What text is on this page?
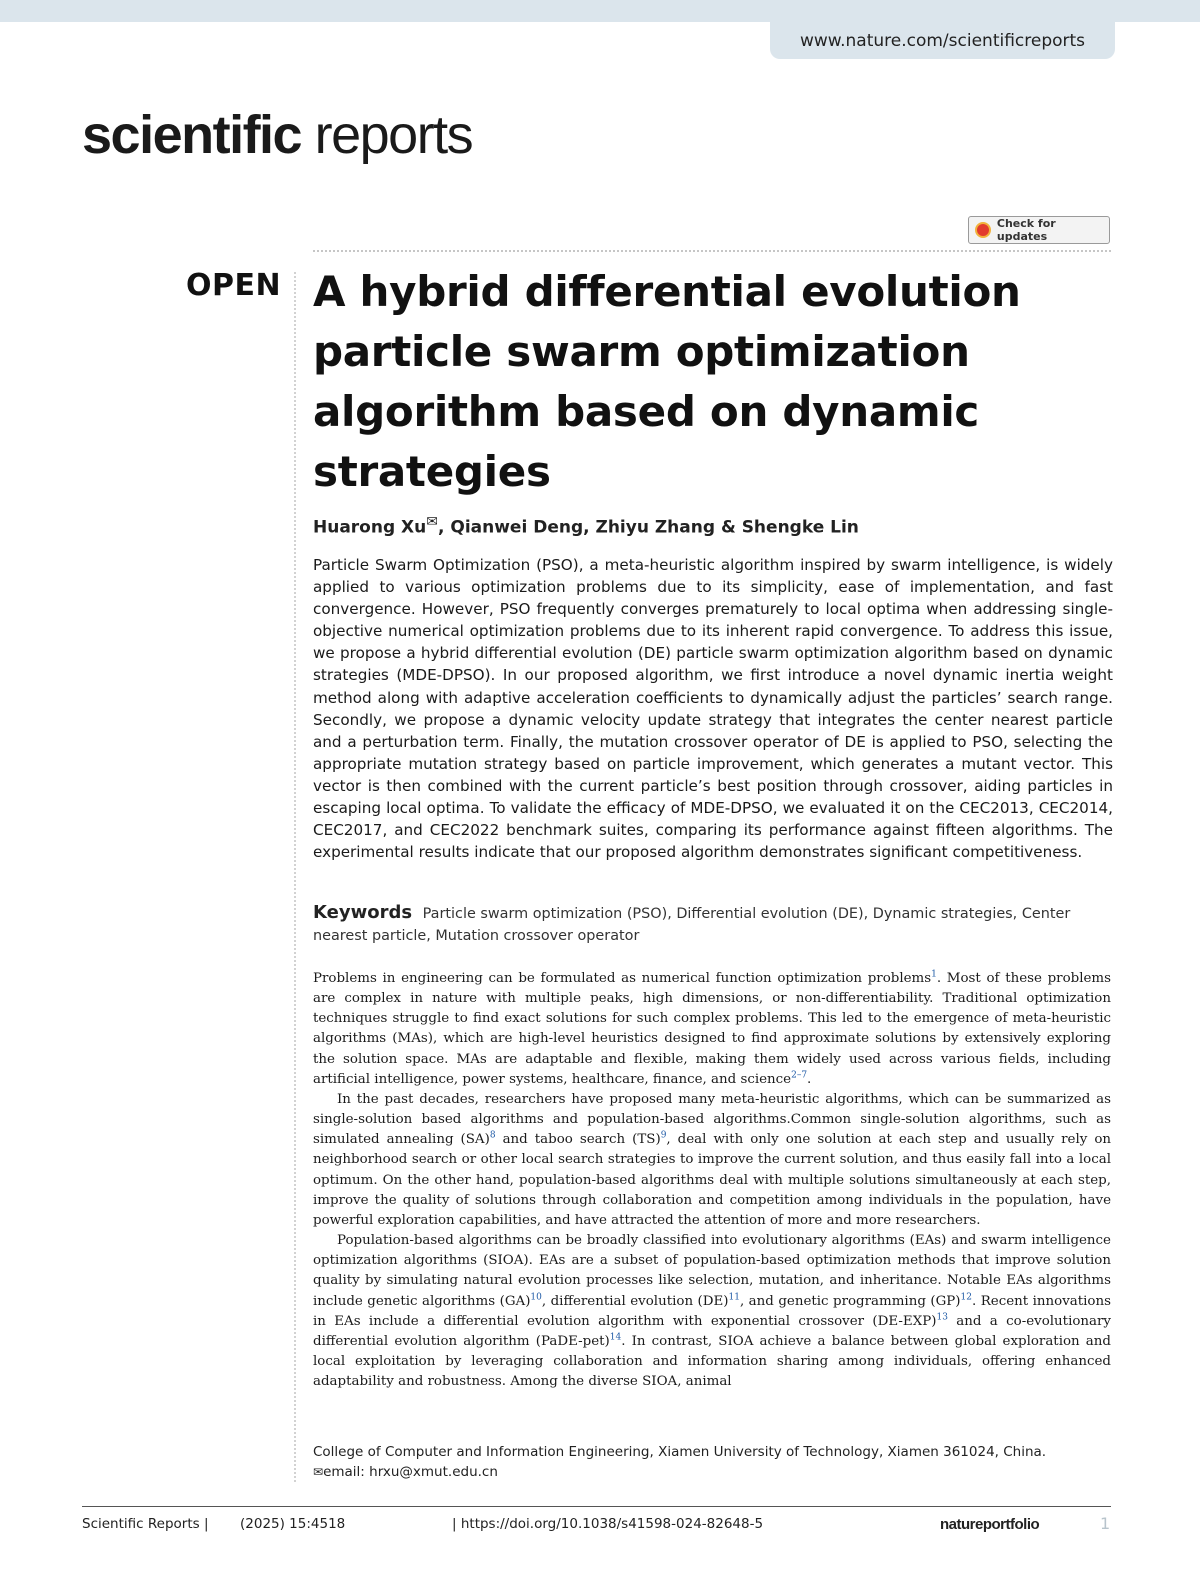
www.nature.com/scientificreports
scientific reports
Check for updates
OPEN A hybrid differential evolution particle swarm optimization algorithm based on dynamic strategies
Huarong Xu✉, Qianwei Deng, Zhiyu Zhang & Shengke Lin
Particle Swarm Optimization (PSO), a meta-heuristic algorithm inspired by swarm intelligence, is widely applied to various optimization problems due to its simplicity, ease of implementation, and fast convergence. However, PSO frequently converges prematurely to local optima when addressing single-objective numerical optimization problems due to its inherent rapid convergence. To address this issue, we propose a hybrid differential evolution (DE) particle swarm optimization algorithm based on dynamic strategies (MDE-DPSO). In our proposed algorithm, we first introduce a novel dynamic inertia weight method along with adaptive acceleration coefficients to dynamically adjust the particles’ search range. Secondly, we propose a dynamic velocity update strategy that integrates the center nearest particle and a perturbation term. Finally, the mutation crossover operator of DE is applied to PSO, selecting the appropriate mutation strategy based on particle improvement, which generates a mutant vector. This vector is then combined with the current particle’s best position through crossover, aiding particles in escaping local optima. To validate the efficacy of MDE-DPSO, we evaluated it on the CEC2013, CEC2014, CEC2017, and CEC2022 benchmark suites, comparing its performance against fifteen algorithms. The experimental results indicate that our proposed algorithm demonstrates significant competitiveness.
Keywords Particle swarm optimization (PSO), Differential evolution (DE), Dynamic strategies, Center nearest particle, Mutation crossover operator

Problems in engineering can be formulated as numerical function optimization problems$^1$. Most of these problems are complex in nature with multiple peaks, high dimensions, or non-differentiability. Traditional optimization techniques struggle to find exact solutions for such complex problems. This led to the emergence of meta-heuristic algorithms (MAs), which are high-level heuristics designed to find approximate solutions by extensively exploring the solution space. MAs are adaptable and flexible, making them widely used across various fields, including artificial intelligence, power systems, healthcare, finance, and science$^{2-7}$.

In the past decades, researchers have proposed many meta-heuristic algorithms, which can be summarized as single-solution based algorithms and population-based algorithms.Common single-solution algorithms, such as simulated annealing (SA)$^8$ and taboo search (TS)$^9$, deal with only one solution at each step and usually rely on neighborhood search or other local search strategies to improve the current solution, and thus easily fall into a local optimum. On the other hand, population-based algorithms deal with multiple solutions simultaneously at each step, improve the quality of solutions through collaboration and competition among individuals in the population, have powerful exploration capabilities, and have attracted the attention of more and more researchers.

Population-based algorithms can be broadly classified into evolutionary algorithms (EAs) and swarm intelligence optimization algorithms (SIOA). EAs are a subset of population-based optimization methods that improve solution quality by simulating natural evolution processes like selection, mutation, and inheritance. Notable EAs algorithms include genetic algorithms (GA)$^{10}$, differential evolution (DE)$^{11}$, and genetic programming (GP)$^{12}$. Recent innovations in EAs include a differential evolution algorithm with exponential crossover $(DE-EXP)^{13}$ and a co-evolutionary differential evolution algorithm (PaDE-pet)$^{14}$. In contrast, SIOA achieve a balance between global exploration and local exploitation by leveraging collaboration and information sharing among individuals, offering enhanced adaptability and robustness. Among the diverse SIOA, animal

College of Computer and Information Engineering, Xiamen University of Technology, Xiamen 361024, China.
✉email: hrxu@xmut.edu.cn
Scientific Reports | (2025) 15:4518	| https://doi.org/10.1038/s41598-024-82648-5	natureportfolio	1
